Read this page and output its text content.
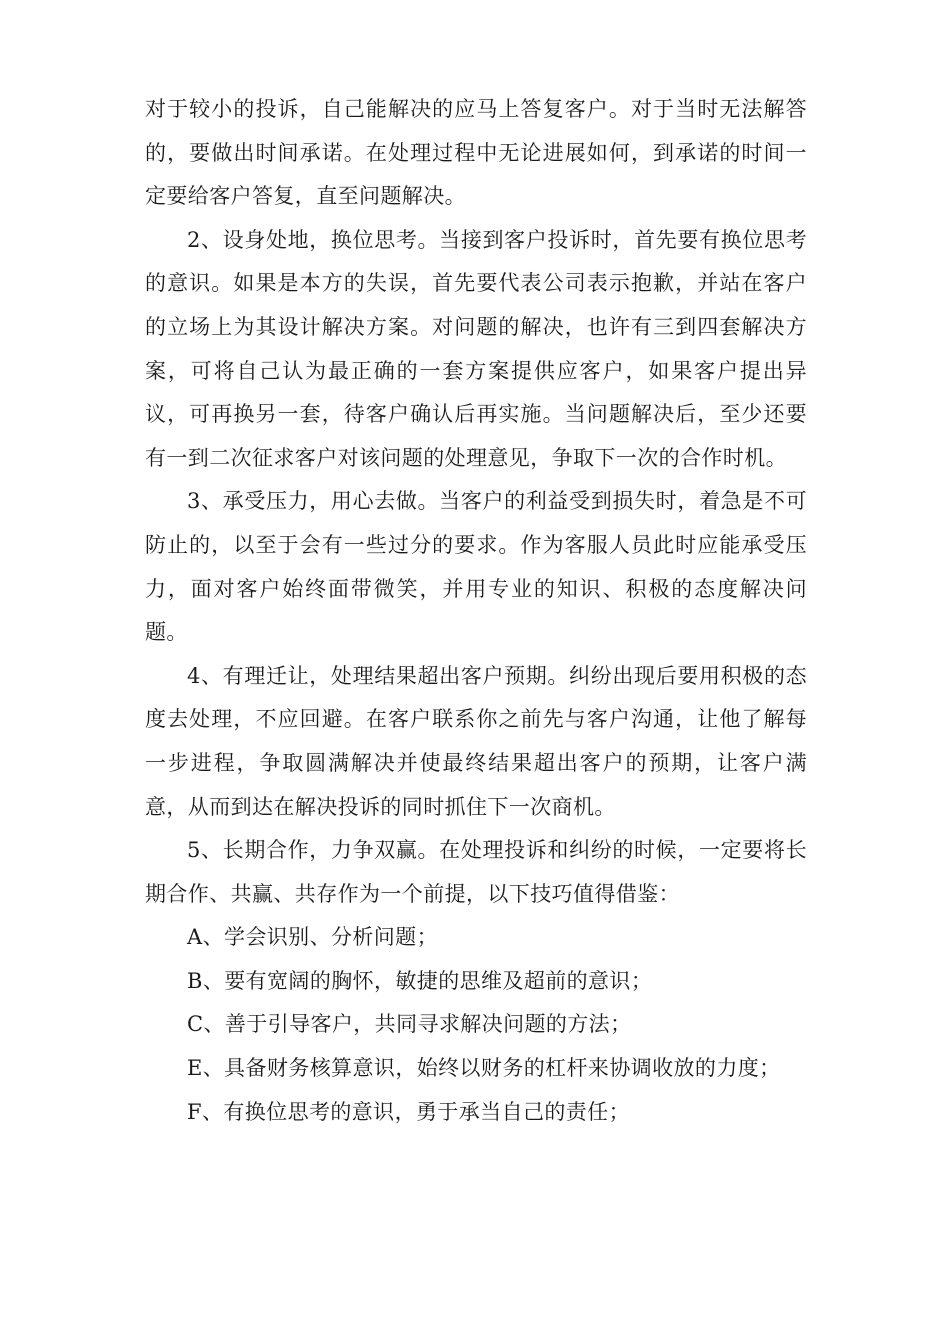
对于较小的投诉，自己能解决的应马上答复客户。对于当时无法解答的，要做出时间承诺。在处理过程中无论进展如何，到承诺的时间一定要给客户答复，直至问题解决。

2、设身处地，换位思考。当接到客户投诉时，首先要有换位思考的意识。如果是本方的失误，首先要代表公司表示抱歉，并站在客户的立场上为其设计解决方案。对问题的解决，也许有三到四套解决方案，可将自己认为最正确的一套方案提供应客户，如果客户提出异议，可再换另一套，待客户确认后再实施。当问题解决后，至少还要有一到二次征求客户对该问题的处理意见，争取下一次的合作时机。

3、承受压力，用心去做。当客户的利益受到损失时，着急是不可防止的，以至于会有一些过分的要求。作为客服人员此时应能承受压力，面对客户始终面带微笑，并用专业的知识、积极的态度解决问题。

4、有理迁让，处理结果超出客户预期。纠纷出现后要用积极的态度去处理，不应回避。在客户联系你之前先与客户沟通，让他了解每一步进程，争取圆满解决并使最终结果超出客户的预期，让客户满意，从而到达在解决投诉的同时抓住下一次商机。

5、长期合作，力争双赢。在处理投诉和纠纷的时候，一定要将长期合作、共赢、共存作为一个前提，以下技巧值得借鉴：

A、学会识别、分析问题；

B、要有宽阔的胸怀，敏捷的思维及超前的意识；

C、善于引导客户，共同寻求解决问题的方法；

E、具备财务核算意识，始终以财务的杠杆来协调收放的力度；

F、有换位思考的意识，勇于承当自己的责任；
